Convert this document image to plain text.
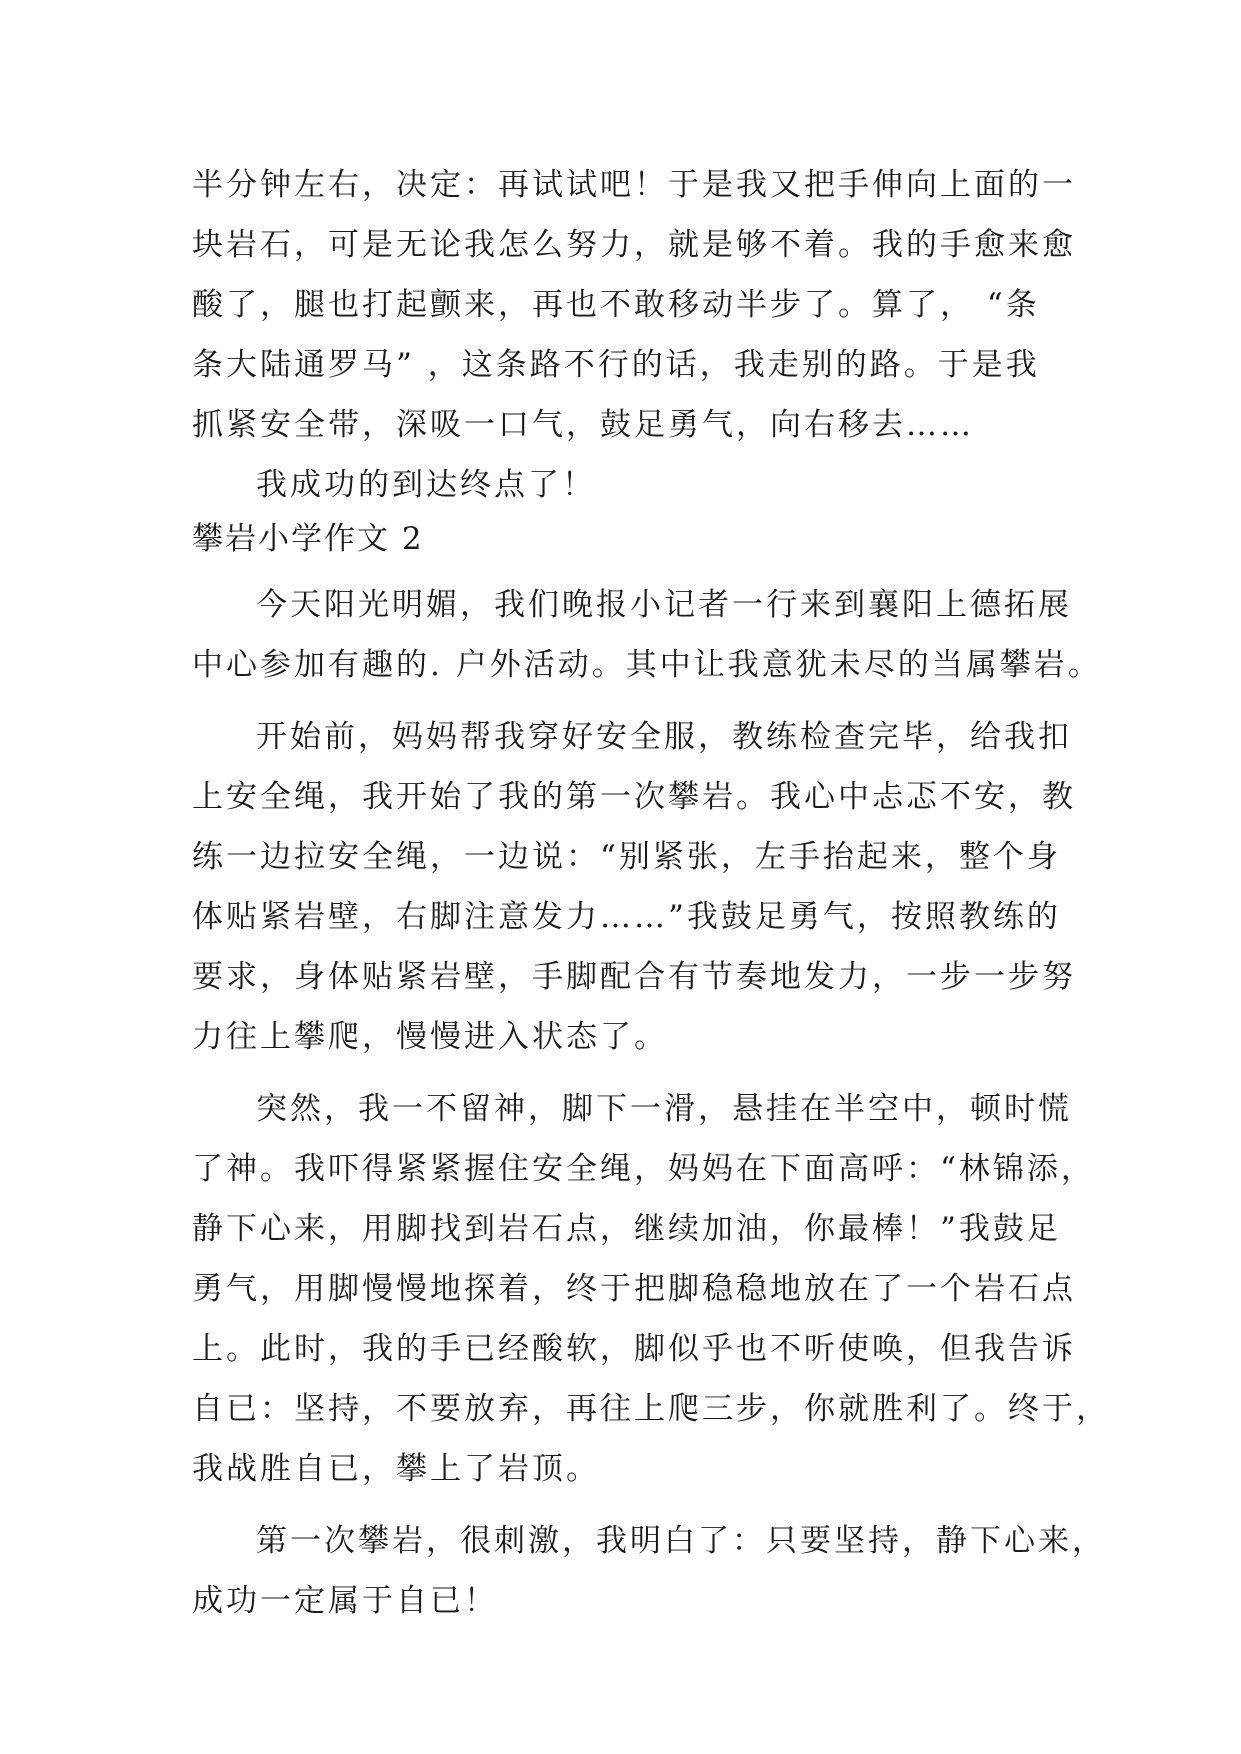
半分钟左右，决定：再试试吧！于是我又把手伸向上面的一
块岩石，可是无论我怎么努力，就是够不着。我的手愈来愈
酸了，腿也打起颤来，再也不敢移动半步了。算了， “条
条大陆通罗马” ，这条路不行的话，我走别的路。于是我
抓紧安全带，深吸一口气，鼓足勇气，向右移去……
我成功的到达终点了！
攀岩小学作文 2
今天阳光明媚，我们晚报小记者一行来到襄阳上德拓展
中心参加有趣的. 户外活动。其中让我意犹未尽的当属攀岩。
开始前，妈妈帮我穿好安全服，教练检查完毕，给我扣
上安全绳，我开始了我的第一次攀岩。我心中忐忑不安，教
练一边拉安全绳，一边说：“别紧张，左手抬起来，整个身
体贴紧岩壁，右脚注意发力……”我鼓足勇气，按照教练的
要求，身体贴紧岩壁，手脚配合有节奏地发力，一步一步努
力往上攀爬，慢慢进入状态了。
突然，我一不留神，脚下一滑，悬挂在半空中，顿时慌
了神。我吓得紧紧握住安全绳，妈妈在下面高呼：“林锦添，
静下心来，用脚找到岩石点，继续加油，你最棒！”我鼓足
勇气，用脚慢慢地探着，终于把脚稳稳地放在了一个岩石点
上。此时，我的手已经酸软，脚似乎也不听使唤，但我告诉
自已：坚持，不要放弃，再往上爬三步，你就胜利了。终于，
我战胜自已，攀上了岩顶。
第一次攀岩，很刺激，我明白了：只要坚持，静下心来，
成功一定属于自已！
